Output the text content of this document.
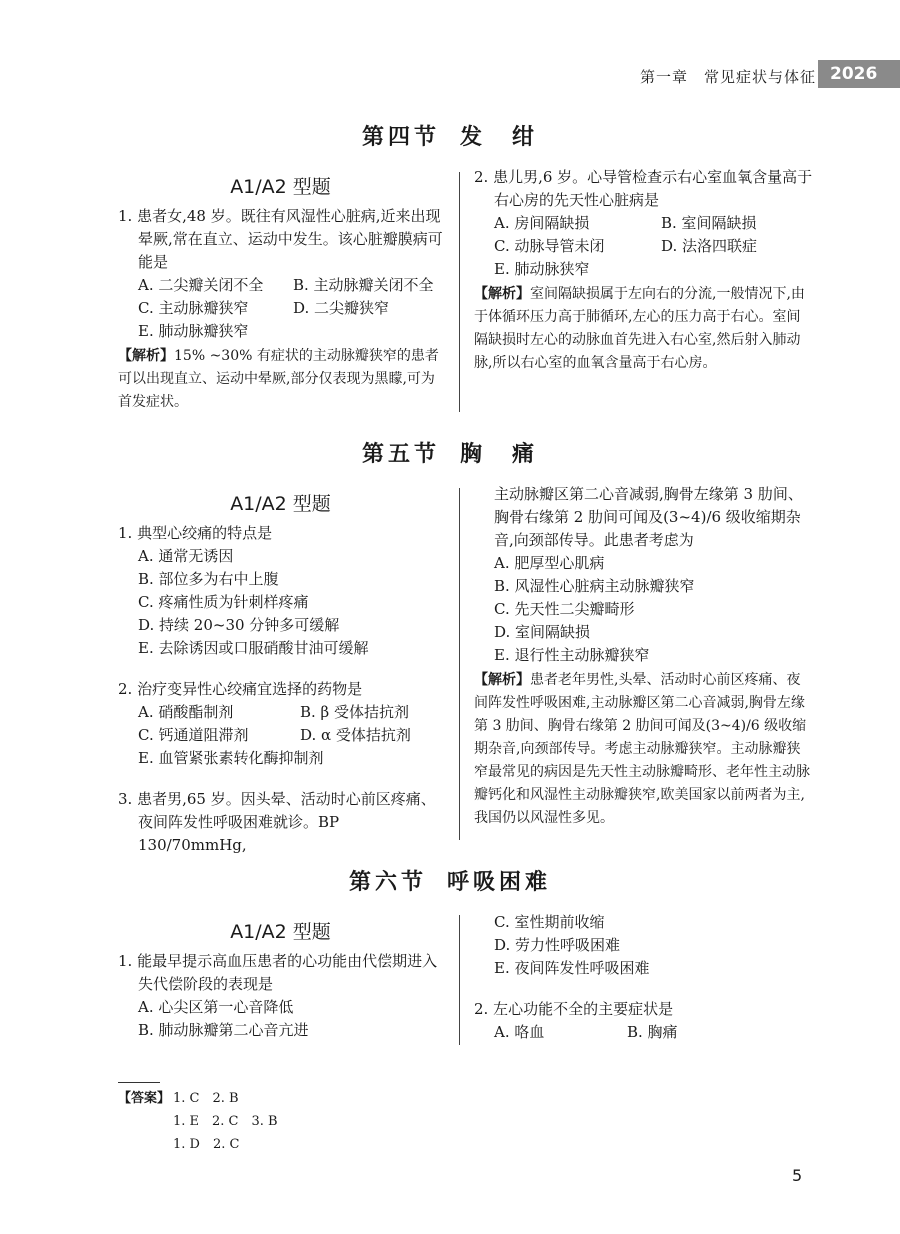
第一章　常见症状与体征 2026
第四节 发　绀
A1/A2 型题
1. 患者女,48 岁。既往有风湿性心脏病,近来出现晕厥,常在直立、运动中发生。该心脏瓣膜病可能是
A. 二尖瓣关闭不全	B. 主动脉瓣关闭不全
C. 主动脉瓣狭窄	D. 二尖瓣狭窄
E. 肺动脉瓣狭窄
【解析】15% ~30% 有症状的主动脉瓣狭窄的患者可以出现直立、运动中晕厥,部分仅表现为黑矇,可为首发症状。
2. 患儿男,6 岁。心导管检查示右心室血氧含量高于右心房的先天性心脏病是
A. 房间隔缺损	B. 室间隔缺损
C. 动脉导管未闭	D. 法洛四联症
E. 肺动脉狭窄
【解析】室间隔缺损属于左向右的分流,一般情况下,由于体循环压力高于肺循环,左心的压力高于右心。室间隔缺损时左心的动脉血首先进入右心室,然后射入肺动脉,所以右心室的血氧含量高于右心房。
第五节 胸　痛
A1/A2 型题
1. 典型心绞痛的特点是
A. 通常无诱因
B. 部位多为右中上腹
C. 疼痛性质为针刺样疼痛
D. 持续 20~30 分钟多可缓解
E. 去除诱因或口服硝酸甘油可缓解
2. 治疗变异性心绞痛宜选择的药物是
A. 硝酸酯制剂	B. β 受体拮抗剂
C. 钙通道阻滞剂	D. α 受体拮抗剂
E. 血管紧张素转化酶抑制剂
3. 患者男,65 岁。因头晕、活动时心前区疼痛、夜间阵发性呼吸困难就诊。BP 130/70mmHg,
主动脉瓣区第二心音减弱,胸骨左缘第 3 肋间、胸骨右缘第 2 肋间可闻及(3~4)/6 级收缩期杂音,向颈部传导。此患者考虑为
A. 肥厚型心肌病
B. 风湿性心脏病主动脉瓣狭窄
C. 先天性二尖瓣畸形
D. 室间隔缺损
E. 退行性主动脉瓣狭窄
【解析】患者老年男性,头晕、活动时心前区疼痛、夜间阵发性呼吸困难,主动脉瓣区第二心音减弱,胸骨左缘第 3 肋间、胸骨右缘第 2 肋间可闻及(3~4)/6 级收缩期杂音,向颈部传导。考虑主动脉瓣狭窄。主动脉瓣狭窄最常见的病因是先天性主动脉瓣畸形、老年性主动脉瓣钙化和风湿性主动脉瓣狭窄,欧美国家以前两者为主,我国仍以风湿性多见。
第六节 呼吸困难
A1/A2 型题
1. 能最早提示高血压患者的心功能由代偿期进入失代偿阶段的表现是
A. 心尖区第一心音降低
B. 肺动脉瓣第二心音亢进
C. 室性期前收缩
D. 劳力性呼吸困难
E. 夜间阵发性呼吸困难
2. 左心功能不全的主要症状是
A. 咯血	B. 胸痛
【答案】 1. C　2. B
1. E　2. C　3. B
1. D　2. C
5
